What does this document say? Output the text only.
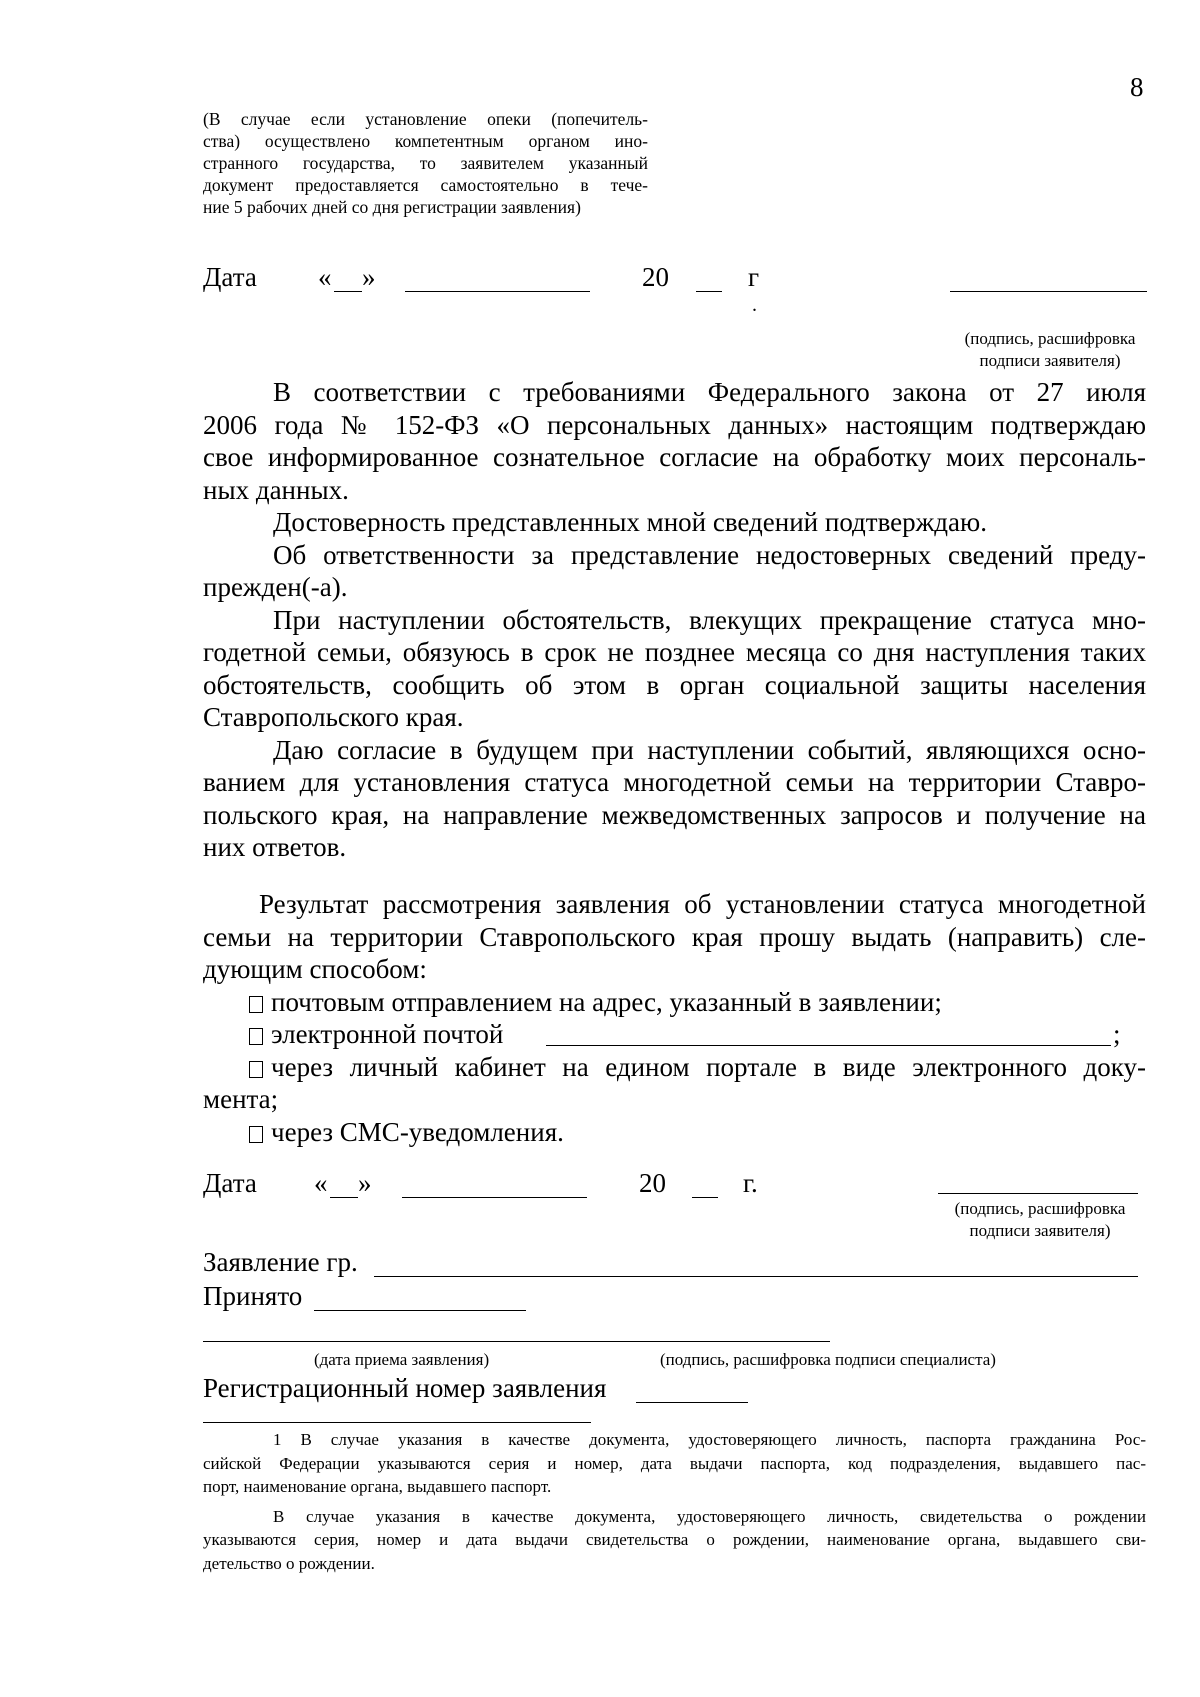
8
(В случае если установление опеки (попечитель-
ства) осуществлено компетентным органом ино-
странного государства, то заявителем указанный
документ предоставляется самостоятельно в тече-
ние 5 рабочих дней со дня регистрации заявления)
Дата « »	20	г
.
(подпись, расшифровка
подписи заявителя)
В соответствии с требованиями Федерального закона от 27 июля
2006 года № 152-ФЗ «О персональных данных» настоящим подтверждаю
свое информированное сознательное согласие на обработку моих персональ-
ных данных.
Достоверность представленных мной сведений подтверждаю.
Об ответственности за представление недостоверных сведений преду-
прежден(-а).
При наступлении обстоятельств, влекущих прекращение статуса мно-
годетной семьи, обязуюсь в срок не позднее месяца со дня наступления таких
обстоятельств, сообщить об этом в орган социальной защиты населения
Ставропольского края.
Даю согласие в будущем при наступлении событий, являющихся осно-
ванием для установления статуса многодетной семьи на территории Ставро-
польского края, на направление межведомственных запросов и получение на
них ответов.
Результат рассмотрения заявления об установлении статуса многодетной
семьи на территории Ставропольского края прошу выдать (направить) сле-
дующим способом:
почтовым отправлением на адрес, указанный в заявлении;
электронной почтой	;
через личный кабинет на едином портале в виде электронного доку-
мента;
через СМС-уведомления.
Дата « »	20	г.
(подпись, расшифровка
подписи заявителя)
Заявление гр.
Принято
(дата приема заявления)	(подпись, расшифровка подписи специалиста)
Регистрационный номер заявления
1 В случае указания в качестве документа, удостоверяющего личность, паспорта гражданина Рос-
сийской Федерации указываются серия и номер, дата выдачи паспорта, код подразделения, выдавшего пас-
порт, наименование органа, выдавшего паспорт.
В случае указания в качестве документа, удостоверяющего личность, свидетельства о рождении
указываются серия, номер и дата выдачи свидетельства о рождении, наименование органа, выдавшего сви-
детельство о рождении.
